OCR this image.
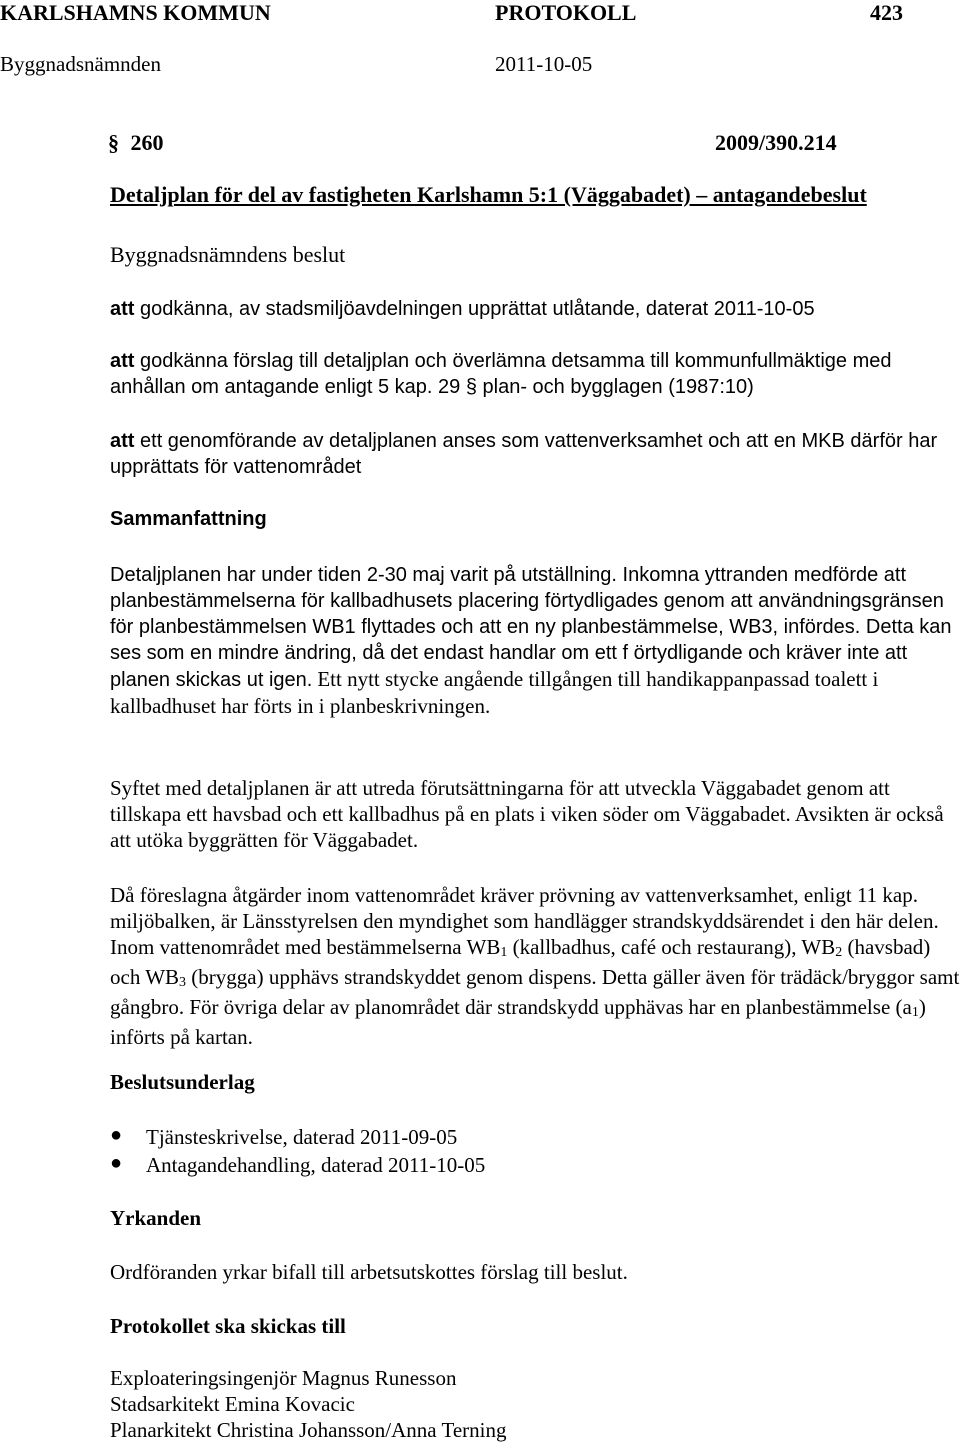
KARLSHAMNS KOMMUN	PROTOKOLL	423
Byggnadsnämnden	2011-10-05
§ 260	2009/390.214
Detaljplan för del av fastigheten Karlshamn 5:1 (Väggabadet) – antagandebeslut
Byggnadsnämndens beslut
att godkänna, av stadsmiljöavdelningen upprättat utlåtande, daterat 2011-10-05
att godkänna förslag till detaljplan och överlämna detsamma till kommunfullmäktige med anhållan om antagande enligt 5 kap. 29 § plan- och bygglagen (1987:10)
att ett genomförande av detaljplanen anses som vattenverksamhet och att en MKB därför har upprättats för vattenområdet
Sammanfattning
Detaljplanen har under tiden 2-30 maj varit på utställning. Inkomna yttranden medförde att planbestämmelserna för kallbadhusets placering förtydligades genom att användningsgränsen för planbestämmelsen WB1 flyttades och att en ny planbestämmelse, WB3, infördes. Detta kan ses som en mindre ändring, då det endast handlar om ett f örtydligande och kräver inte att planen skickas ut igen. Ett nytt stycke angående tillgången till handikappanpassad toalett i kallbadhuset har förts in i planbeskrivningen.
Syftet med detaljplanen är att utreda förutsättningarna för att utveckla Väggabadet genom att tillskapa ett havsbad och ett kallbadhus på en plats i viken söder om Väggabadet. Avsikten är också att utöka byggrätten för Väggabadet.
Då föreslagna åtgärder inom vattenområdet kräver prövning av vattenverksamhet, enligt 11 kap. miljöbalken, är Länsstyrelsen den myndighet som handlägger strandskyddsärendet i den här delen. Inom vattenområdet med bestämmelserna WB1 (kallbadhus, café och restaurang), WB2 (havsbad) och WB3 (brygga) upphävs strandskyddet genom dispens. Detta gäller även för trädäck/bryggor samt gångbro. För övriga delar av planområdet där strandskydd upphävas har en planbestämmelse (a1) införts på kartan.
Beslutsunderlag
● Tjänsteskrivelse, daterad 2011-09-05
● Antagandehandling, daterad 2011-10-05
Yrkanden
Ordföranden yrkar bifall till arbetsutskottes förslag till beslut.
Protokollet ska skickas till
Exploateringsingenjör Magnus Runesson
Stadsarkitekt Emina Kovacic
Planarkitekt Christina Johansson/Anna Terning
